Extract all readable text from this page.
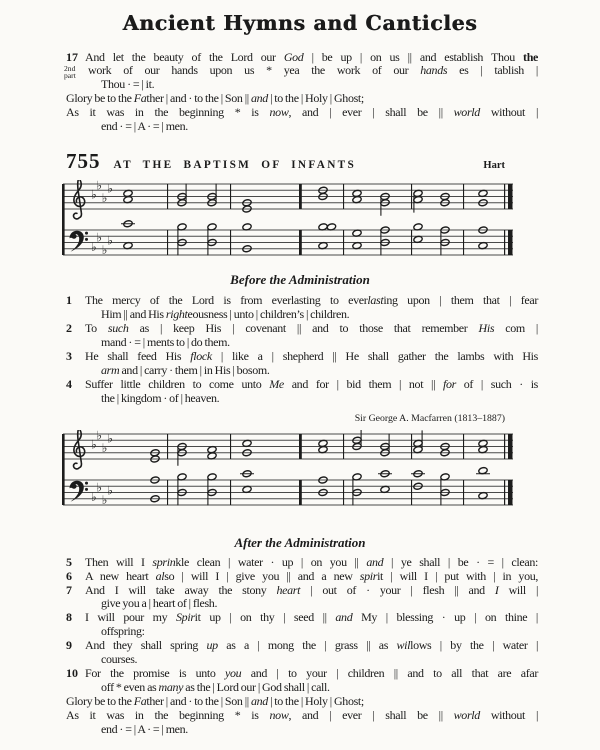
Ancient Hymns and Canticles
17 And let the beauty of the Lord our God | be up | on us || and establish Thou the
2nd part	work of our hands upon us * yea the work of our hands es | tablish |
Thou · = | it.
Glory be to the Father | and · to the | Son || and | to the | Holy | Ghost;
As it was in the beginning * is now, and | ever | shall be || world without |
end · = | A · = | men.
755 AT THE BAPTISM OF INFANTS	Hart
♭
♭
♭
♭
♭
♭
♭
♭
Before the Administration
1 The mercy of the Lord is from everlasting to everlasting upon | them that | fear
Him || and His righteousness | unto | children’s | children.
2 To such as | keep His | covenant || and to those that remember His com |
mand · = | ments to | do them.
3 He shall feed His flock | like a | shepherd || He shall gather the lambs with His
arm and | carry · them | in His | bosom.
4 Suffer little children to come unto Me and for | bid them | not || for of | such · is
the | kingdom · of | heaven.
Sir George A. Macfarren (1813–1887)
♭
♭
♭
♭
♭
♭
♭
♭
After the Administration
5 Then will I sprinkle clean | water · up | on you || and | ye shall | be · = | clean:
6 A new heart also | will I | give you || and a new spirit | will I | put with | in you,
7 And I will take away the stony heart | out of · your | flesh || and I will |
give you a | heart of | flesh.
8 I will pour my Spirit up | on thy | seed || and My | blessing · up | on thine |
offspring:
9 And they shall spring up as a | mong the | grass || as willows | by the | water |
courses.
10 For the promise is unto you and | to your | children || and to all that are afar
off * even as many as the | Lord our | God shall | call.
Glory be to the Father | and · to the | Son || and | to the | Holy | Ghost;
As it was in the beginning * is now, and | ever | shall be || world without |
end · = | A · = | men.
